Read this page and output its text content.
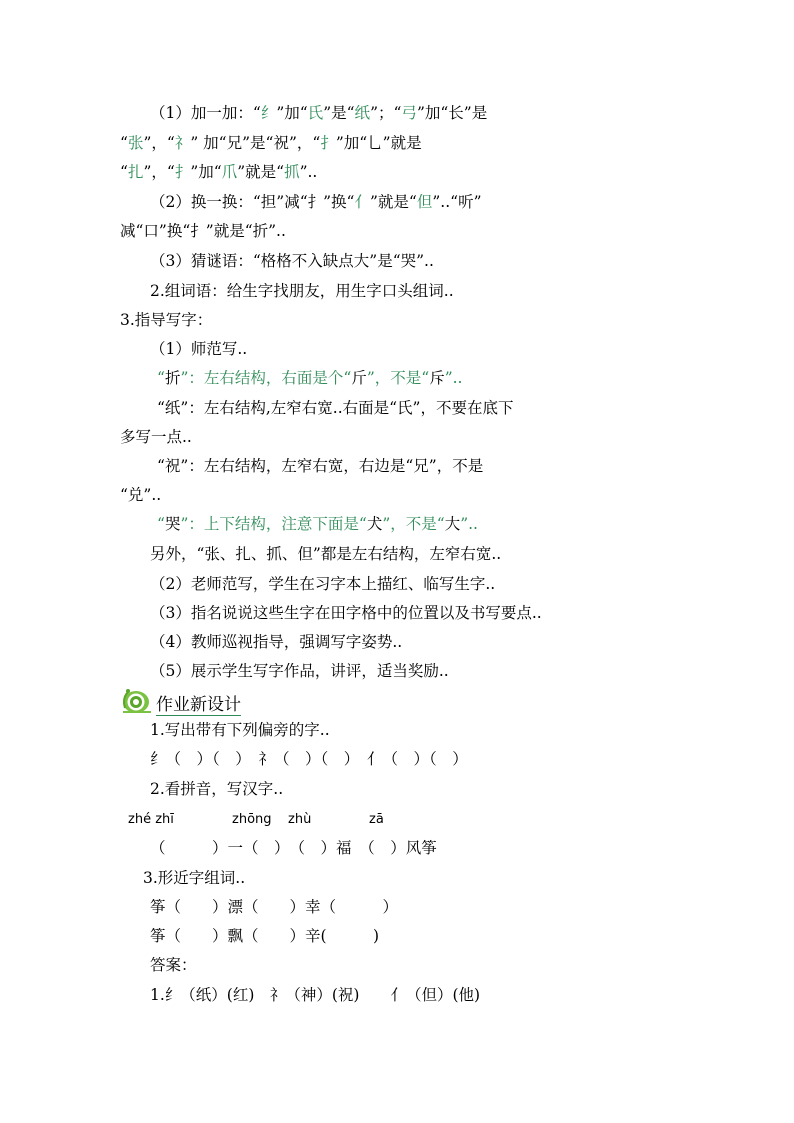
（1）加一加：“纟”加“氏”是“纸”；“弓”加“长”是
“张”，“礻” 加“兄”是“祝”，“扌”加“乚”就是
“扎”，“扌”加“爪”就是“抓”..
（2）换一换：“担”减“扌”换“亻”就是“但”..“听”
减“口”换“扌”就是“折”..
（3）猜谜语：“格格不入缺点大”是“哭”..
2.组词语：给生字找朋友，用生字口头组词..
3.指导写字：
（1）师范写..
“折”：左右结构，右面是个“斤”，不是“斥”..
“纸”：左右结构,左窄右宽..右面是“氏”，不要在底下
多写一点..
“祝”：左右结构，左窄右宽，右边是“兄”，不是
“兑”..
“哭”：上下结构，注意下面是“犬”，不是“大”..
另外，“张、扎、抓、但”都是左右结构，左窄右宽..
（2）老师范写，学生在习字本上描红、临写生字..
（3）指名说说这些生字在田字格中的位置以及书写要点..
（4）教师巡视指导，强调写字姿势..
（5）展示学生写字作品，讲评，适当奖励..
作业新设计
1.写出带有下列偏旁的字..
纟（　）（　）　礻（　）（　）　亻（　）（　）
2.看拼音，写汉字..
zhé zhī	zhōng zhù	zā
（　　　）一（　）　（　）福　（　）风筝
3.形近字组词..
筝（　　）漂（　　）幸（　　　）
筝（　　）飘（　　）辛(　　　)
答案：
1.纟（纸）(红)　礻（神）(祝)　　亻（但）(他)
